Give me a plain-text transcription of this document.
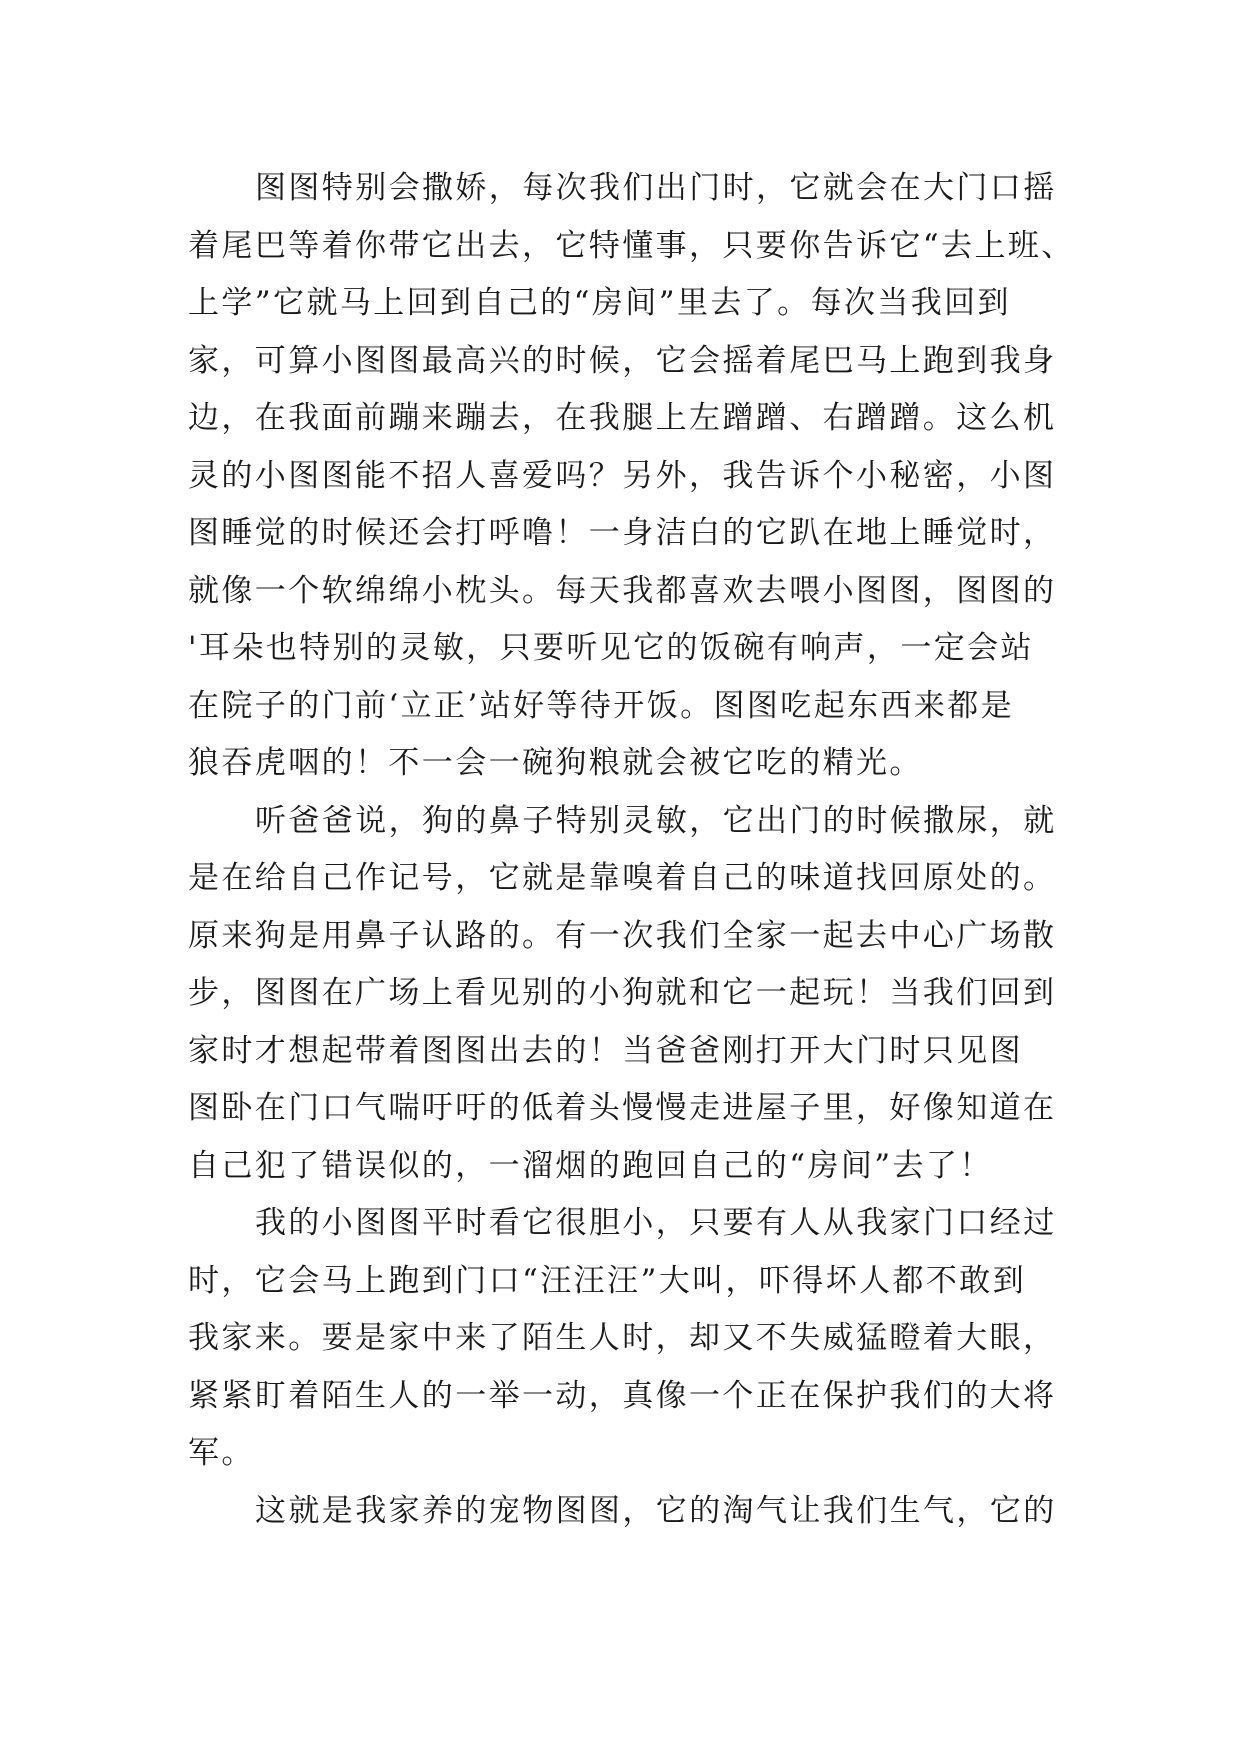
图图特别会撒娇，每次我们出门时，它就会在大门口摇
着尾巴等着你带它出去，它特懂事，只要你告诉它“去上班、
上学”它就马上回到自己的“房间”里去了。每次当我回到
家，可算小图图最高兴的时候，它会摇着尾巴马上跑到我身
边，在我面前蹦来蹦去，在我腿上左蹭蹭、右蹭蹭。这么机
灵的小图图能不招人喜爱吗？另外，我告诉个小秘密，小图
图睡觉的时候还会打呼噜！一身洁白的它趴在地上睡觉时，
就像一个软绵绵小枕头。每天我都喜欢去喂小图图，图图的
'耳朵也特别的灵敏，只要听见它的饭碗有响声，一定会站
在院子的门前‘立正’站好等待开饭。图图吃起东西来都是
狼吞虎咽的！不一会一碗狗粮就会被它吃的精光。
听爸爸说，狗的鼻子特别灵敏，它出门的时候撒尿，就
是在给自己作记号，它就是靠嗅着自己的味道找回原处的。
原来狗是用鼻子认路的。有一次我们全家一起去中心广场散
步，图图在广场上看见别的小狗就和它一起玩！当我们回到
家时才想起带着图图出去的！当爸爸刚打开大门时只见图
图卧在门口气喘吁吁的低着头慢慢走进屋子里，好像知道在
自己犯了错误似的，一溜烟的跑回自己的“房间”去了！
我的小图图平时看它很胆小，只要有人从我家门口经过
时，它会马上跑到门口“汪汪汪”大叫，吓得坏人都不敢到
我家来。要是家中来了陌生人时，却又不失威猛瞪着大眼，
紧紧盯着陌生人的一举一动，真像一个正在保护我们的大将
军。
这就是我家养的宠物图图，它的淘气让我们生气，它的
